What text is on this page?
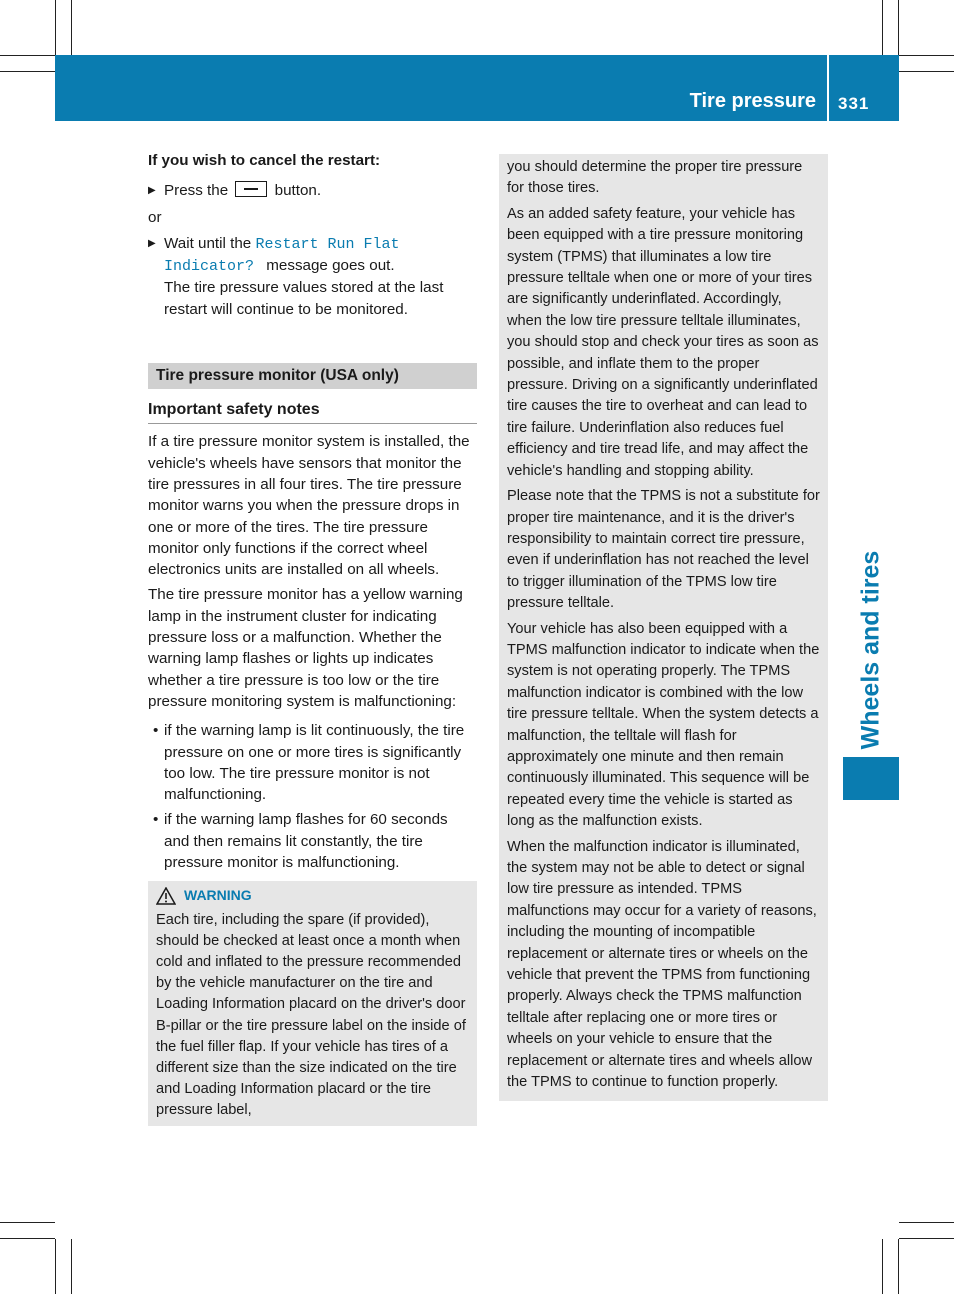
Tire pressure 331
Wheels and tires

If you wish to cancel the restart:

▶ Press the	button.

or

▶ Wait until the Restart Run Flat
Indicator? message goes out.
The tire pressure values stored at the last restart will continue to be monitored.
Tire pressure monitor (USA only)
Important safety notes

If a tire pressure monitor system is installed, the vehicle's wheels have sensors that monitor the tire pressures in all four tires. The tire pressure monitor warns you when the pressure drops in one or more of the tires. The tire pressure monitor only functions if the correct wheel electronics units are installed on all wheels.

The tire pressure monitor has a yellow warning lamp in the instrument cluster for indicating pressure loss or a malfunction. Whether the warning lamp flashes or lights up indicates whether a tire pressure is too low or the tire pressure monitoring system is malfunctioning:

• if the warning lamp is lit continuously, the tire pressure on one or more tires is significantly too low. The tire pressure monitor is not malfunctioning.
• if the warning lamp flashes for 60 seconds and then remains lit constantly, the tire pressure monitor is malfunctioning.
WARNING

Each tire, including the spare (if provided), should be checked at least once a month when cold and inflated to the pressure recommended by the vehicle manufacturer on the tire and Loading Information placard on the driver's door B-pillar or the tire pressure label on the inside of the fuel filler flap. If your vehicle has tires of a different size than the size indicated on the tire and Loading Information placard or the tire pressure label,

you should determine the proper tire pressure for those tires.

As an added safety feature, your vehicle has been equipped with a tire pressure monitoring system (TPMS) that illuminates a low tire pressure telltale when one or more of your tires are significantly underinflated. Accordingly, when the low tire pressure telltale illuminates, you should stop and check your tires as soon as possible, and inflate them to the proper pressure. Driving on a significantly underinflated tire causes the tire to overheat and can lead to tire failure. Underinflation also reduces fuel efficiency and tire tread life, and may affect the vehicle's handling and stopping ability.

Please note that the TPMS is not a substitute for proper tire maintenance, and it is the driver's responsibility to maintain correct tire pressure, even if underinflation has not reached the level to trigger illumination of the TPMS low tire pressure telltale.

Your vehicle has also been equipped with a TPMS malfunction indicator to indicate when the system is not operating properly. The TPMS malfunction indicator is combined with the low tire pressure telltale. When the system detects a malfunction, the telltale will flash for approximately one minute and then remain continuously illuminated. This sequence will be repeated every time the vehicle is started as long as the malfunction exists.

When the malfunction indicator is illuminated, the system may not be able to detect or signal low tire pressure as intended. TPMS malfunctions may occur for a variety of reasons, including the mounting of incompatible replacement or alternate tires or wheels on the vehicle that prevent the TPMS from functioning properly. Always check the TPMS malfunction telltale after replacing one or more tires or wheels on your vehicle to ensure that the replacement or alternate tires and wheels allow the TPMS to continue to function properly.
